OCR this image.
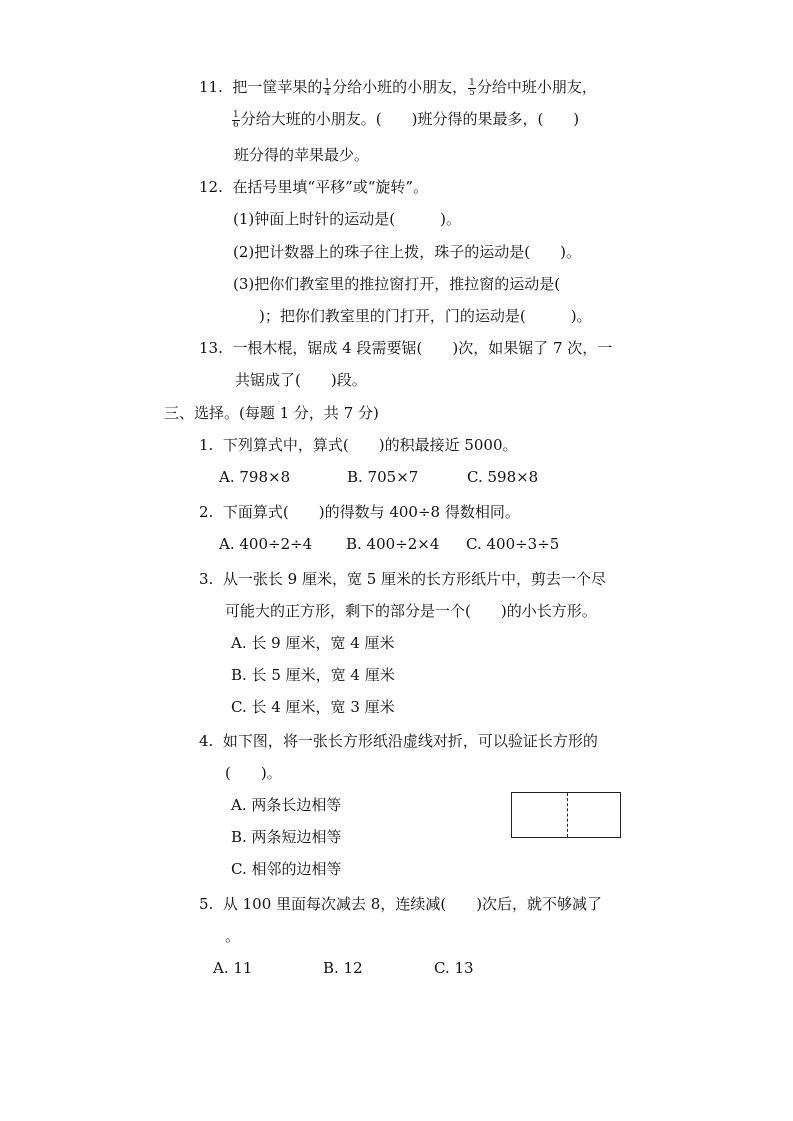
11. 把一筐苹果的 $\frac{1}{4}$ 分给小班的小朋友， $\frac{1}{5}$ 分给中班小朋友，
$\frac{1}{6}$ 分给大班的小朋友。(　　)班分得的果最多，(　　)
班分得的苹果最少。
12. 在括号里填“平移”或“旋转”。
(1)钟面上时针的运动是(　　　)。
(2)把计数器上的珠子往上拨，珠子的运动是(　　)。
(3)把你们教室里的推拉窗打开，推拉窗的运动是(
)；把你们教室里的门打开，门的运动是(　　　)。
13. 一根木棍，锯成 4 段需要锯(　　)次，如果锯了 7 次，一
共锯成了(　　)段。
三、选择。(每题 1 分，共 7 分)
1. 下列算式中，算式(　　)的积最接近 5000。
A. 798×8	B. 705×7	C. 598×8
2. 下面算式(　　)的得数与 400÷8 得数相同。
A. 400÷2÷4 B. 400÷2×4 C. 400÷3÷5
3. 从一张长 9 厘米，宽 5 厘米的长方形纸片中，剪去一个尽
可能大的正方形，剩下的部分是一个(　　)的小长方形。
A. 长 9 厘米，宽 4 厘米
B. 长 5 厘米，宽 4 厘米
C. 长 4 厘米，宽 3 厘米
4. 如下图，将一张长方形纸沿虚线对折，可以验证长方形的
(　　)。
A. 两条长边相等
B. 两条短边相等
C. 相邻的边相等
5. 从 100 里面每次减去 8，连续减(　　)次后，就不够减了
。
A. 11	B. 12	C. 13
